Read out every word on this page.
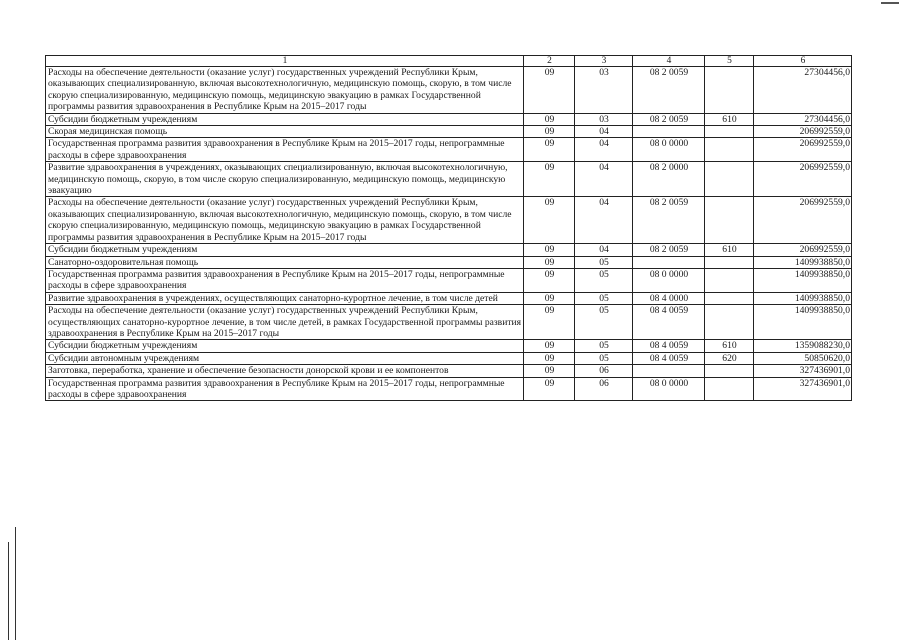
1	2	3	4	5	6
Расходы на обеспечение деятельности (оказание услуг) государственных учреждений Республики Крым, оказывающих специализированную, включая высокотехнологичную, медицинскую помощь, скорую, в том числе скорую специализированную, медицинскую помощь, медицинскую эвакуацию в рамках Государственной программы развития здравоохранения в Республике Крым на 2015–2017 годы	09	03	08 2 0059		27304456,0
Субсидии бюджетным учреждениям	09	03	08 2 0059	610	27304456,0
Скорая медицинская помощь	09	04			206992559,0
Государственная программа развития здравоохранения в Республике Крым на 2015–2017 годы, непрограммные расходы в сфере здравоохранения	09	04	08 0 0000		206992559,0
Развитие здравоохранения в учреждениях, оказывающих специализированную, включая высокотехнологичную, медицинскую помощь, скорую, в том числе скорую специализированную, медицинскую помощь, медицинскую эвакуацию	09	04	08 2 0000		206992559,0
Расходы на обеспечение деятельности (оказание услуг) государственных учреждений Республики Крым, оказывающих специализированную, включая высокотехнологичную, медицинскую помощь, скорую, в том числе скорую специализированную, медицинскую помощь, медицинскую эвакуацию в рамках Государственной программы развития здравоохранения в Республике Крым на 2015–2017 годы	09	04	08 2 0059		206992559,0
Субсидии бюджетным учреждениям	09	04	08 2 0059	610	206992559,0
Санаторно-оздоровительная помощь	09	05			1409938850,0
Государственная программа развития здравоохранения в Республике Крым на 2015–2017 годы, непрограммные расходы в сфере здравоохранения	09	05	08 0 0000		1409938850,0
Развитие здравоохранения в учреждениях, осуществляющих санаторно-курортное лечение, в том числе детей	09	05	08 4 0000		1409938850,0
Расходы на обеспечение деятельности (оказание услуг) государственных учреждений Республики Крым, осуществляющих санаторно-курортное лечение, в том числе детей, в рамках Государственной программы развития здравоохранения в Республике Крым на 2015–2017 годы	09	05	08 4 0059		1409938850,0
Субсидии бюджетным учреждениям	09	05	08 4 0059	610	1359088230,0
Субсидии автономным учреждениям	09	05	08 4 0059	620	50850620,0
Заготовка, переработка, хранение и обеспечение безопасности донорской крови и ее компонентов	09	06			327436901,0
Государственная программа развития здравоохранения в Республике Крым на 2015–2017 годы, непрограммные расходы в сфере здравоохранения	09	06	08 0 0000		327436901,0
